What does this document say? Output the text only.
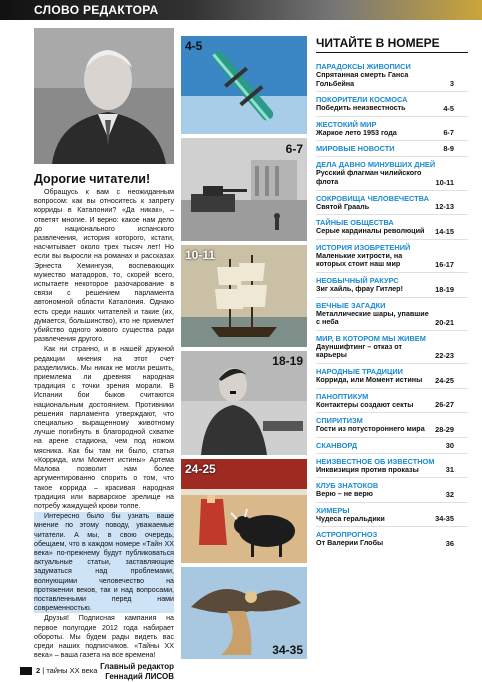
СЛОВО РЕДАКТОРА
Дорогие читатели!

Обращусь к вам с неожиданным вопросом: как вы относитесь к запрету корриды в Каталонии? «Да никак», – ответят многие. И верно: какое нам дело до национального испанского развлечения, история которого, кстати, насчитывает около трех тысяч лет! Но если вы выросли на романах и рассказах Эрнеста Хемингуэя, воспевающих мужество матадоров, то, скорей всего, испытаете некоторое разочарование в связи с решением парламента автономной области Каталония. Однако есть среди наших читателей и такие (их, думается, большинство), кто не приемлет убийство одного живого существа ради развлечения другого.

Как ни странно, и в нашей дружной редакции мнения на этот счет разделились. Мы никак не могли решить, приемлема ли древняя народная традиция с точки зрения морали. В Испании бои быков считаются национальным достоянием. Противники решения парламента утверждают, что специально выращенному животному лучше погибнуть в благородной схватке на арене стадиона, чем под ножом мясника. Как бы там ни было, статья «Коррида, или Момент истины» Артема Малова позволит нам более аргументированно спорить о том, что такое коррида – красивая народная традиция или варварское зрелище на потребу жаждущей крови толпе.

Интересно было бы узнать ваше мнение по этому поводу, уважаемые читатели. А мы, в свою очередь, обещаем, что в каждом номере «Тайн XX века» по-прежнему будут публиковаться актуальные статьи, заставляющие задуматься над проблемами, волнующими человечество на протяжении веков, так и над вопросами, поставленными перед нами современностью.

Друзья! Подписная кампания на первое полугодие 2012 года набирает обороты. Мы будем рады видеть вас среди наших подписчиков. «Тайны XX века» – ваша газета на все времена!

Главный редактор
Геннадий ЛИСОВ
4-5
6-7
10-11
18-19
24-25
34-35
ЧИТАЙТЕ В НОМЕРЕ
ПАРАДОКСЫ ЖИВОПИСИ
Спрятанная смерть Ганса Гольбейна	3
ПОКОРИТЕЛИ КОСМОСА
Победить неизвестность	4-5
ЖЕСТОКИЙ МИР
Жаркое лето 1953 года	6-7
МИРОВЫЕ НОВОСТИ	8-9
ДЕЛА ДАВНО МИНУВШИХ ДНЕЙ
Русский флагман чилийского флота	10-11
СОКРОВИЩА ЧЕЛОВЕЧЕСТВА
Святой Грааль	12-13
ТАЙНЫЕ ОБЩЕСТВА
Серые кардиналы революций	14-15
ИСТОРИЯ ИЗОБРЕТЕНИЙ
Маленькие хитрости, на которых стоит наш мир	16-17
НЕОБЫЧНЫЙ РАКУРС
Зиг хайль, фрау Гитлер!	18-19
ВЕЧНЫЕ ЗАГАДКИ
Металлические шары, упавшие с неба	20-21
МИР, В КОТОРОМ МЫ ЖИВЕМ
Дауншифтинг – отказ от карьеры	22-23
НАРОДНЫЕ ТРАДИЦИИ
Коррида, или Момент истины	24-25
ПАНОПТИКУМ
Контактеры создают секты	26-27
СПИРИТИЗМ
Гости из потустороннего мира	28-29
СКАНВОРД	30
НЕИЗВЕСТНОЕ ОБ ИЗВЕСТНОМ
Инквизиция против проказы	31
КЛУБ ЗНАТОКОВ
Верю – не верю	32
ХИМЕРЫ
Чудеса геральдики	34-35
АСТРОПРОГНОЗ
От Валерии Глобы	36
2 | тайны XX века
